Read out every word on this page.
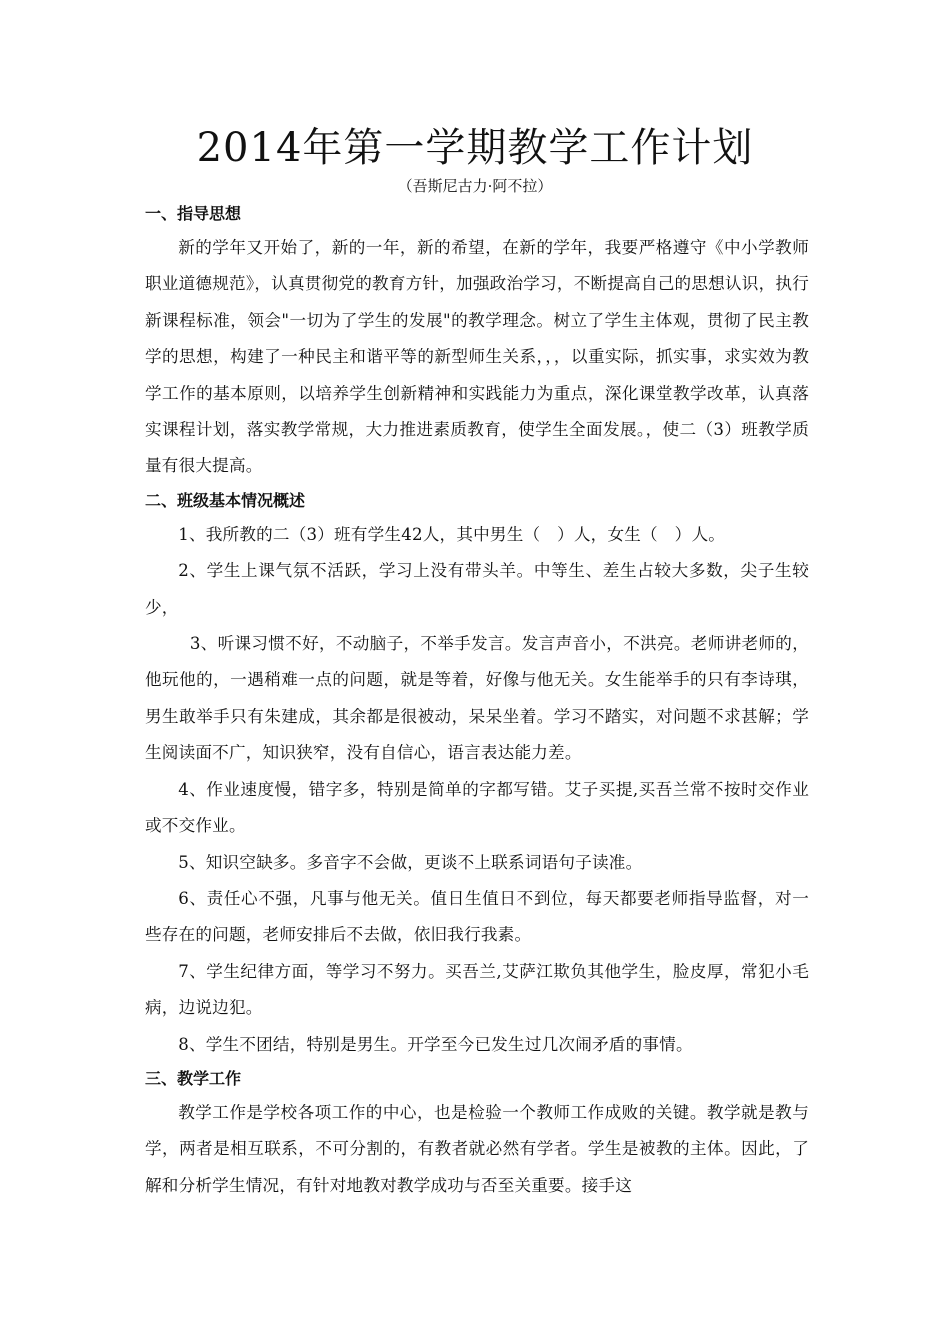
2014年第一学期教学工作计划
（吾斯尼古力·阿不拉）

一、指导思想

新的学年又开始了，新的一年，新的希望，在新的学年，我要严格遵守《中小学教师职业道德规范》，认真贯彻党的教育方针，加强政治学习，不断提高自己的思想认识，执行新课程标准，领会"一切为了学生的发展"的教学理念。树立了学生主体观，贯彻了民主教学的思想，构建了一种民主和谐平等的新型师生关系，，，以重实际，抓实事，求实效为教学工作的基本原则，以培养学生创新精神和实践能力为重点，深化课堂教学改革，认真落实课程计划，落实教学常规，大力推进素质教育，使学生全面发展。，使二（3）班教学质量有很大提高。

二、班级基本情况概述

1、我所教的二（3）班有学生42人，其中男生（　）人，女生（　）人。

2、学生上课气氛不活跃，学习上没有带头羊。中等生、差生占较大多数，尖子生较少，

3、听课习惯不好，不动脑子，不举手发言。发言声音小，不洪亮。老师讲老师的，他玩他的，一遇稍难一点的问题，就是等着，好像与他无关。女生能举手的只有李诗琪，男生敢举手只有朱建成，其余都是很被动，呆呆坐着。学习不踏实，对问题不求甚解；学生阅读面不广，知识狭窄，没有自信心，语言表达能力差。

4、作业速度慢，错字多，特别是简单的字都写错。艾子买提,买吾兰常不按时交作业或不交作业。

5、知识空缺多。多音字不会做，更谈不上联系词语句子读准。

6、责任心不强，凡事与他无关。值日生值日不到位，每天都要老师指导监督，对一些存在的问题，老师安排后不去做，依旧我行我素。

7、学生纪律方面，等学习不努力。买吾兰,艾萨江欺负其他学生，脸皮厚，常犯小毛病，边说边犯。

8、学生不团结，特别是男生。开学至今已发生过几次闹矛盾的事情。

三、教学工作

教学工作是学校各项工作的中心，也是检验一个教师工作成败的关键。教学就是教与学，两者是相互联系，不可分割的，有教者就必然有学者。学生是被教的主体。因此，了解和分析学生情况，有针对地教对教学成功与否至关重要。接手这
